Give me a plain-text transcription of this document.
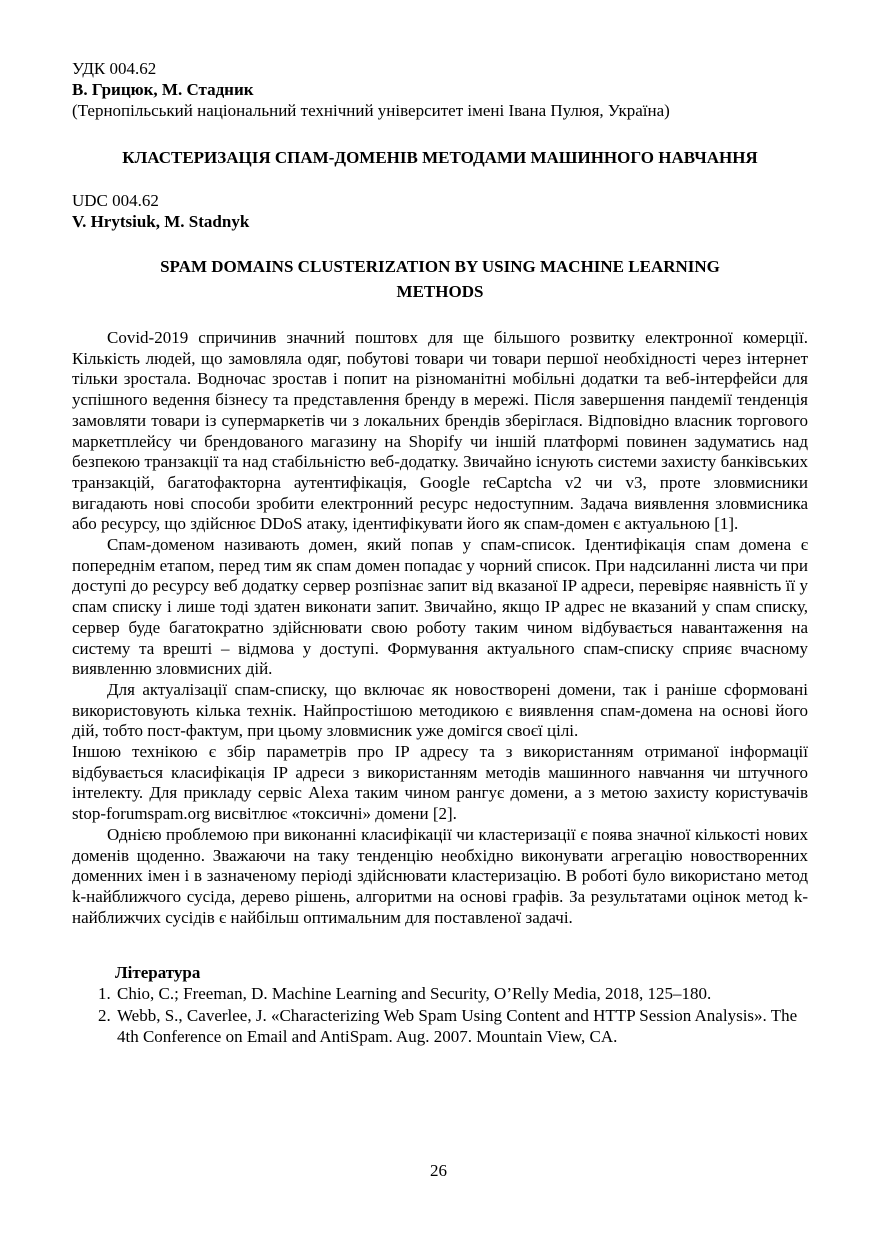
УДК 004.62
В. Грицюк, М. Стадник
(Тернопільський національний технічний університет імені Івана Пулюя, Україна)
КЛАСТЕРИЗАЦІЯ СПАМ-ДОМЕНІВ МЕТОДАМИ МАШИННОГО НАВЧАННЯ
UDC 004.62
V. Hrytsiuk, M. Stadnyk
SPAM DOMAINS CLUSTERIZATION BY USING MACHINE LEARNING METHODS

Covid-2019 спричинив значний поштовх для ще більшого розвитку електронної комерції. Кількість людей, що замовляла одяг, побутові товари чи товари першої необхідності через інтернет тільки зростала. Водночас зростав і попит на різноманітні мобільні додатки та веб-інтерфейси для успішного ведення бізнесу та представлення бренду в мережі. Після завершення пандемії тенденція замовляти товари із супермаркетів чи з локальних брендів зберіглася. Відповідно власник торгового маркетплейсу чи брендованого магазину на Shopify чи іншій платформі повинен задуматись над безпекою транзакції та над стабільністю веб-додатку. Звичайно існують системи захисту банківських транзакцій, багатофакторна аутентифікація, Google reCaptcha v2 чи v3, проте зловмисники вигадають нові способи зробити електронний ресурс недоступним. Задача виявлення зловмисника або ресурсу, що здійснює DDoS атаку, ідентифікувати його як спам-домен є актуальною [1].

Спам-доменом називають домен, який попав у спам-список. Ідентифікація спам домена є попереднім етапом, перед тим як спам домен попадає у чорний список. При надсиланні листа чи при доступі до ресурсу веб додатку сервер розпізнає запит від вказаної IP адреси, перевіряє наявність її у спам списку і лише тоді здатен виконати запит. Звичайно, якщо IP адрес не вказаний у спам списку, сервер буде багатократно здійснювати свою роботу таким чином відбувається навантаження на систему та врешті – відмова у доступі. Формування актуального спам-списку сприяє вчасному виявленню зловмисних дій.

Для актуалізації спам-списку, що включає як новостворені домени, так і раніше сформовані використовують кілька технік. Найпростішою методикою є виявлення спам-домена на основі його дій, тобто пост-фактум, при цьому зловмисник уже домігся своєї цілі.

Іншою технікою є збір параметрів про IP адресу та з використанням отриманої інформації відбувається класифікація IP адреси з використанням методів машинного навчання чи штучного інтелекту. Для прикладу сервіс Alexa таким чином рангує домени, а з метою захисту користувачів stop-forumspam.org висвітлює «токсичні» домени [2].

Однією проблемою при виконанні класифікації чи кластеризації є поява значної кількості нових доменів щоденно. Зважаючи на таку тенденцію необхідно виконувати агрегацію новостворенних доменних імен і в зазначеному періоді здійснювати кластеризацію. В роботі було використано метод k-найближчого сусіда, дерево рішень, алгоритми на основі графів. За результатами оцінок метод k-найближчих сусідів є найбільш оптимальним для поставленої задачі.

Література
1. Chio, C.; Freeman, D. Machine Learning and Security, O’Relly Media, 2018, 125–180.
2. Webb, S., Caverlee, J. «Characterizing Web Spam Using Content and HTTP Session Analysis». The 4th Conference on Email and AntiSpam. Aug. 2007. Mountain View, CA.
26
